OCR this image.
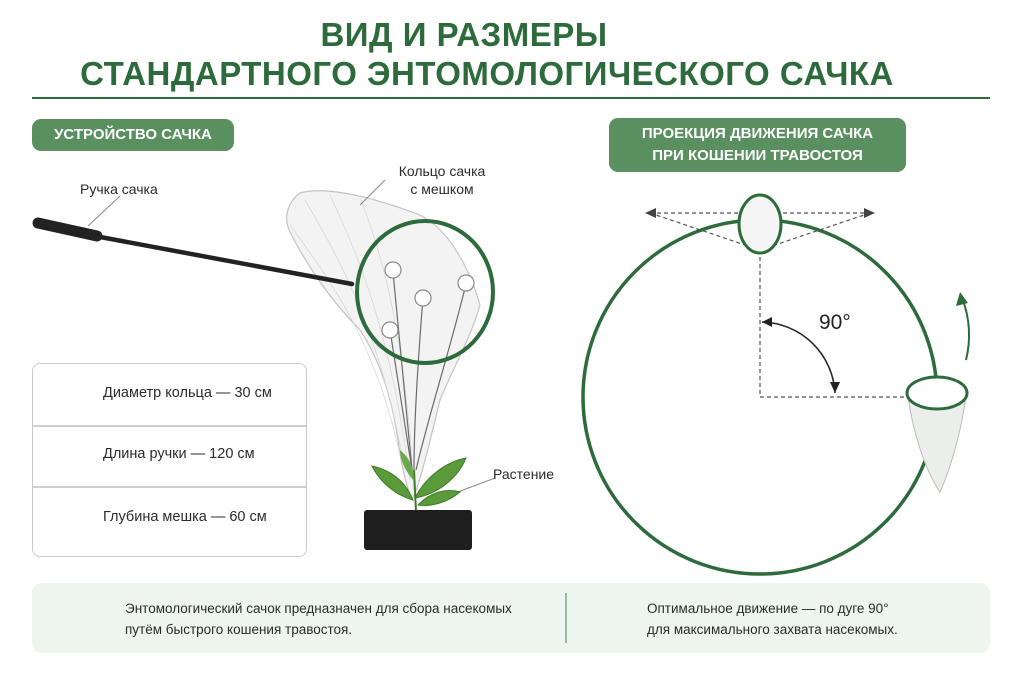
ВИД И РАЗМЕРЫ
СТАНДАРТНОГО ЭНТОМОЛОГИЧЕСКОГО САЧКА
УСТРОЙСТВО САЧКА	ПРОЕКЦИЯ ДВИЖЕНИЯ САЧКА
ПРИ КОШЕНИИ ТРАВОСТОЯ
Ручка сачка
Кольцо сачка
с мешком
Растение
90°
Диаметр кольца — 30 см
Длина ручки — 120 см
Глубина мешка — 60 см
Энтомологический сачок предназначен для сбора насекомых
путём быстрого кошения травостоя.
Оптимальное движение — по дуге 90°
для максимального захвата насекомых.
